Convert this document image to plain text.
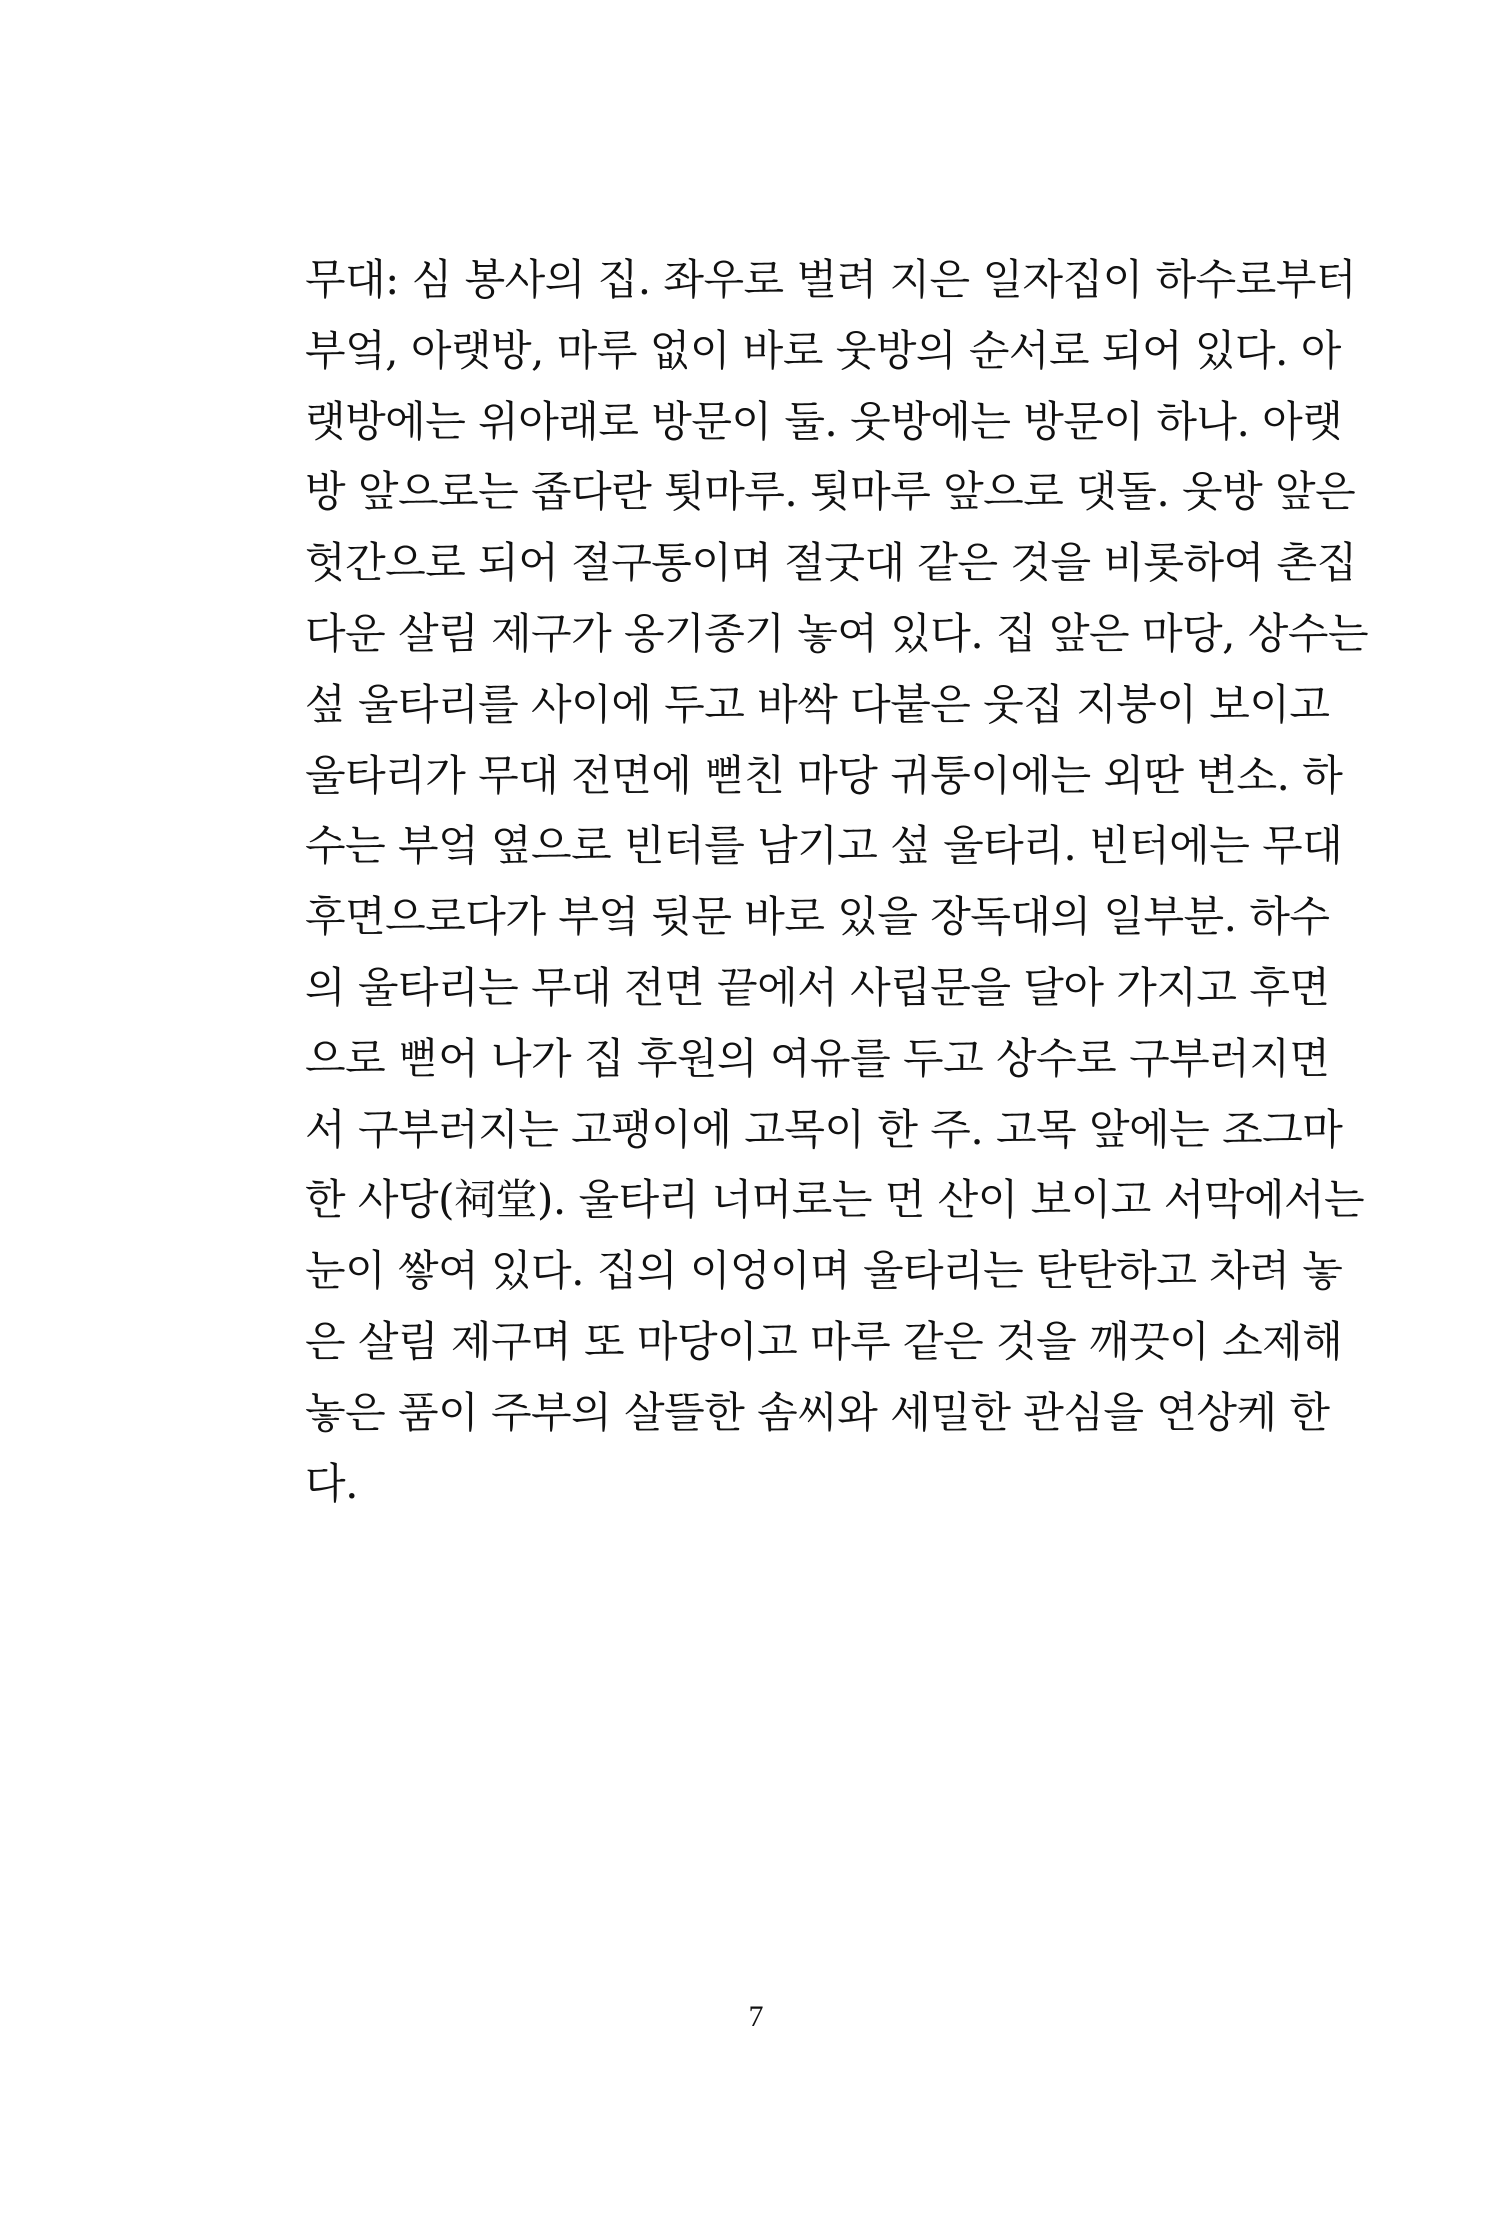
무대: 심 봉사의 집. 좌우로 벌려 지은 일자집이 하수로부터
부엌, 아랫방, 마루 없이 바로 웃방의 순서로 되어 있다. 아
랫방에는 위아래로 방문이 둘. 웃방에는 방문이 하나. 아랫
방 앞으로는 좁다란 툇마루. 툇마루 앞으로 댓돌. 웃방 앞은
헛간으로 되어 절구통이며 절굿대 같은 것을 비롯하여 촌집
다운 살림 제구가 옹기종기 놓여 있다. 집 앞은 마당, 상수는
섶 울타리를 사이에 두고 바싹 다붙은 웃집 지붕이 보이고
울타리가 무대 전면에 뻗친 마당 귀퉁이에는 외딴 변소. 하
수는 부엌 옆으로 빈터를 남기고 섶 울타리. 빈터에는 무대
후면으로다가 부엌 뒷문 바로 있을 장독대의 일부분. 하수
의 울타리는 무대 전면 끝에서 사립문을 달아 가지고 후면
으로 뻗어 나가 집 후원의 여유를 두고 상수로 구부러지면
서 구부러지는 고팽이에 고목이 한 주. 고목 앞에는 조그마
한 사당(祠堂). 울타리 너머로는 먼 산이 보이고 서막에서는
눈이 쌓여 있다. 집의 이엉이며 울타리는 탄탄하고 차려 놓
은 살림 제구며 또 마당이고 마루 같은 것을 깨끗이 소제해
놓은 품이 주부의 살뜰한 솜씨와 세밀한 관심을 연상케 한
다.
7
